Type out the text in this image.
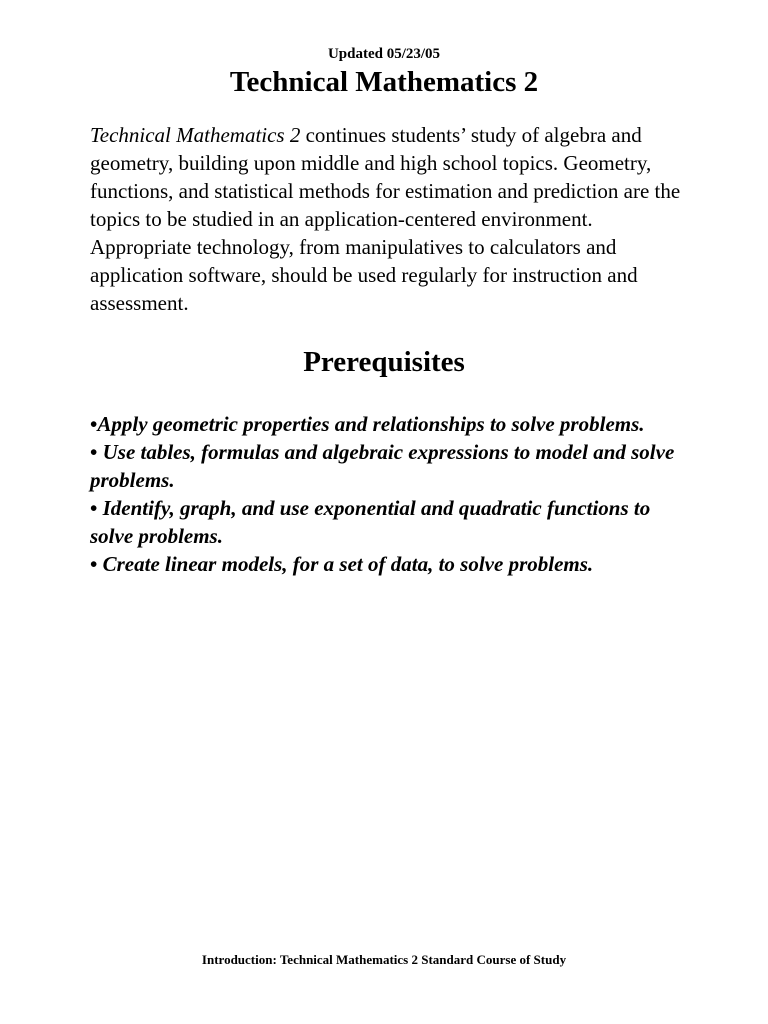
Updated 05/23/05
Technical Mathematics 2

Technical Mathematics 2 continues students’ study of algebra and geometry, building upon middle and high school topics. Geometry, functions, and statistical methods for estimation and prediction are the topics to be studied in an application-centered environment. Appropriate technology, from manipulatives to calculators and application software, should be used regularly for instruction and assessment.

Prerequisites
•Apply geometric properties and relationships to solve problems.
• Use tables, formulas and algebraic expressions to model and solve problems.
• Identify, graph, and use exponential and quadratic functions to solve problems.
• Create linear models, for a set of data, to solve problems.
Introduction: Technical Mathematics 2 Standard Course of Study
